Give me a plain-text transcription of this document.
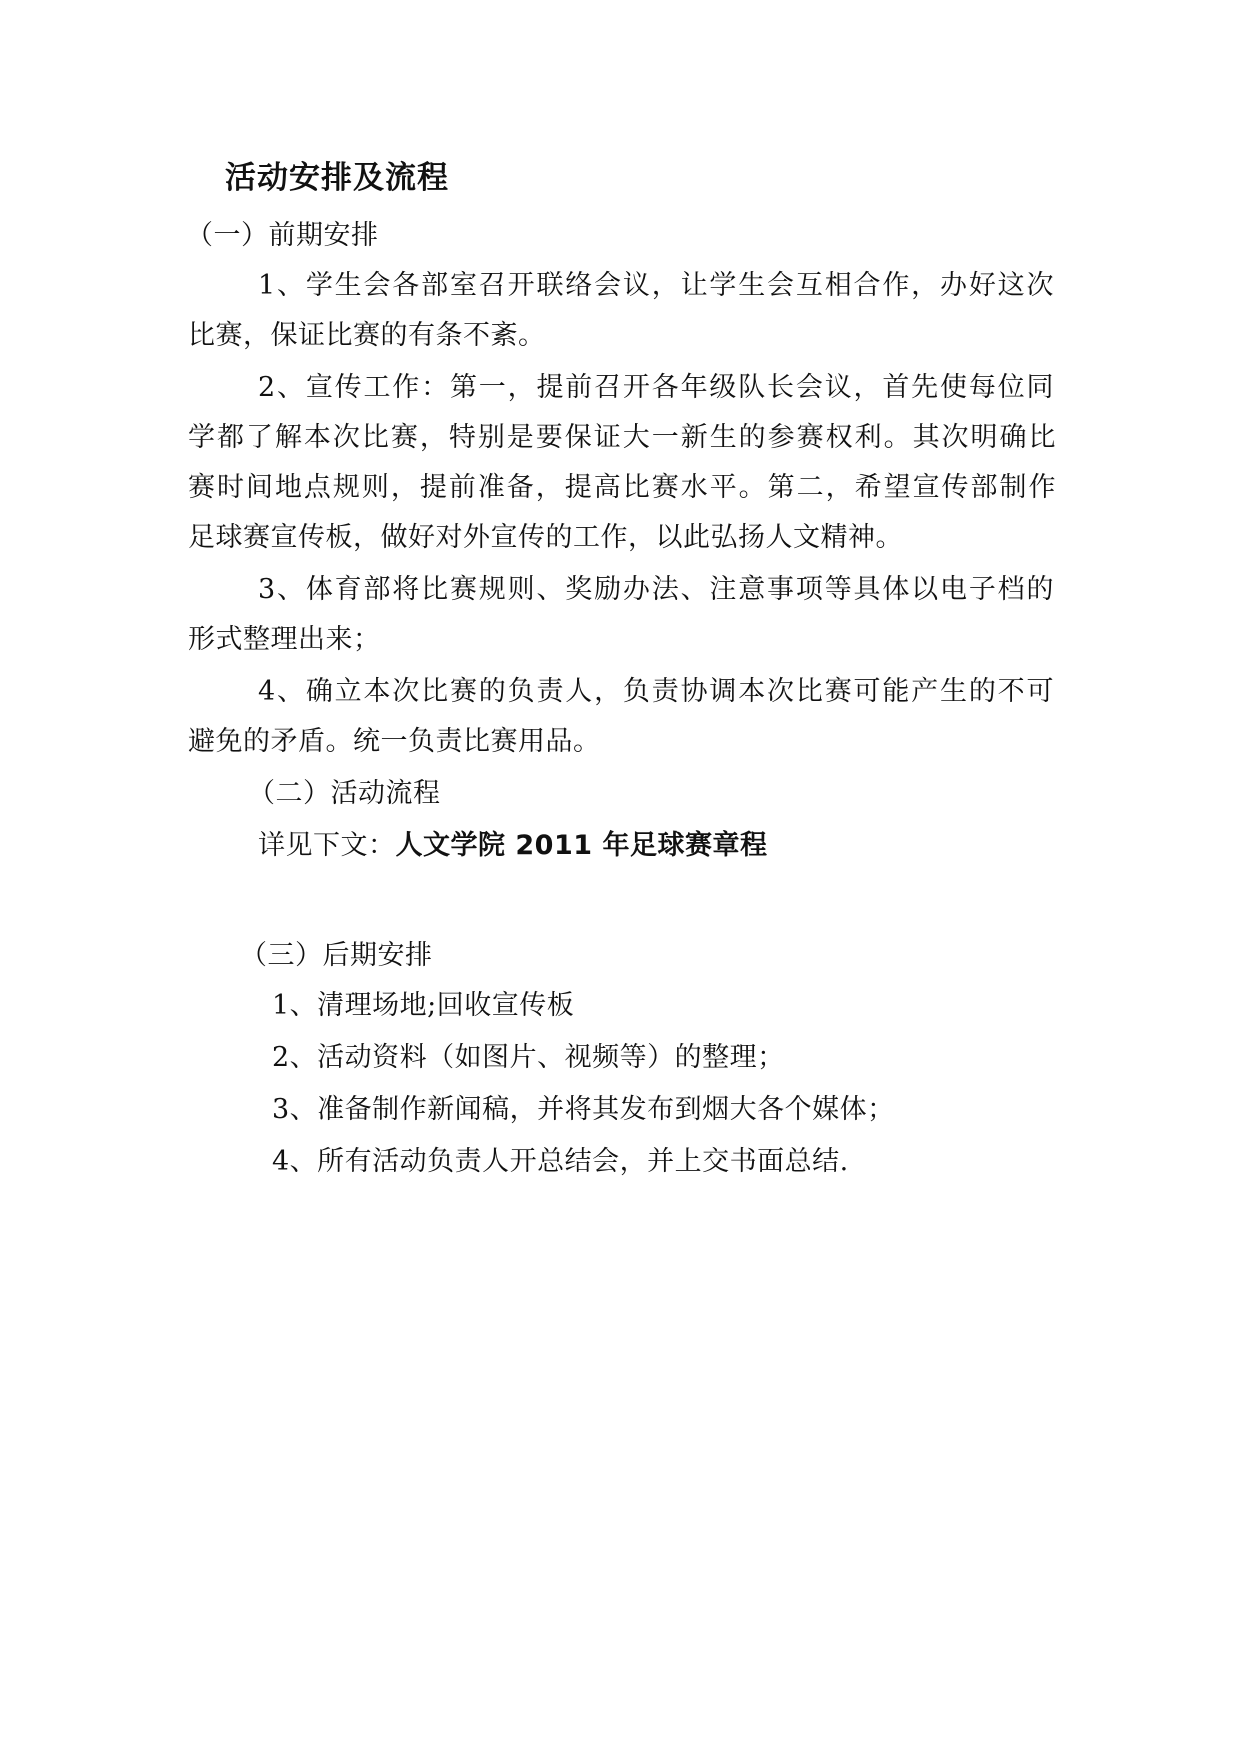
活动安排及流程
（一）前期安排
1、学生会各部室召开联络会议，让学生会互相合作，办好这次
比赛，保证比赛的有条不紊。
2、宣传工作：第一，提前召开各年级队长会议，首先使每位同
学都了解本次比赛，特别是要保证大一新生的参赛权利。其次明确比
赛时间地点规则，提前准备，提高比赛水平。第二，希望宣传部制作
足球赛宣传板，做好对外宣传的工作，以此弘扬人文精神。
3、体育部将比赛规则、奖励办法、注意事项等具体以电子档的
形式整理出来；
4、确立本次比赛的负责人，负责协调本次比赛可能产生的不可
避免的矛盾。统一负责比赛用品。
（二）活动流程
详见下文：人文学院 2011 年足球赛章程
（三）后期安排
1、清理场地;回收宣传板
2、活动资料（如图片、视频等）的整理；
3、准备制作新闻稿，并将其发布到烟大各个媒体；
4、所有活动负责人开总结会，并上交书面总结.
